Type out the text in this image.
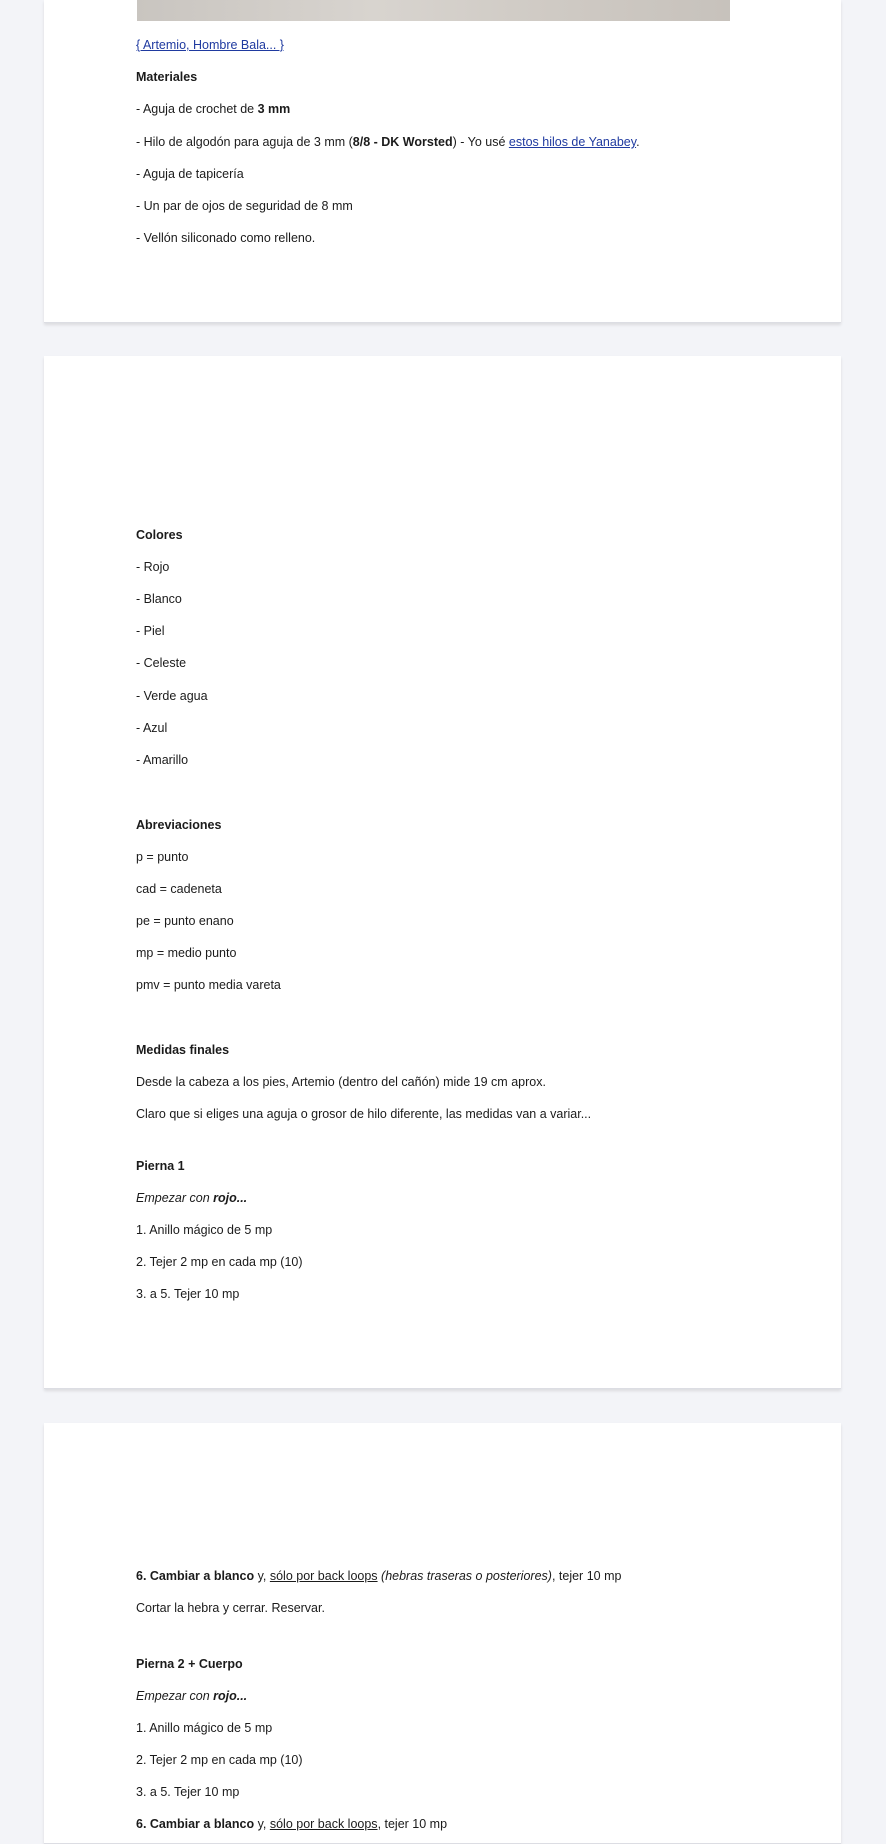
{ Artemio, Hombre Bala... }

Materiales

- Aguja de crochet de 3 mm

- Hilo de algodón para aguja de 3 mm (8/8 - DK Worsted) - Yo usé estos hilos de Yanabey.

- Aguja de tapicería

- Un par de ojos de seguridad de 8 mm

- Vellón siliconado como relleno.

Colores

- Rojo

- Blanco

- Piel

- Celeste

- Verde agua

- Azul

- Amarillo

Abreviaciones

p = punto

cad = cadeneta

pe = punto enano

mp = medio punto

pmv = punto media vareta

Medidas finales

Desde la cabeza a los pies, Artemio (dentro del cañón) mide 19 cm aprox.

Claro que si eliges una aguja o grosor de hilo diferente, las medidas van a variar...

Pierna 1

Empezar con rojo...

1. Anillo mágico de 5 mp

2. Tejer 2 mp en cada mp (10)

3. a 5. Tejer 10 mp

6. Cambiar a blanco y, sólo por back loops (hebras traseras o posteriores), tejer 10 mp

Cortar la hebra y cerrar. Reservar.

Pierna 2 + Cuerpo

Empezar con rojo...

1. Anillo mágico de 5 mp

2. Tejer 2 mp en cada mp (10)

3. a 5. Tejer 10 mp

6. Cambiar a blanco y, sólo por back loops, tejer 10 mp
